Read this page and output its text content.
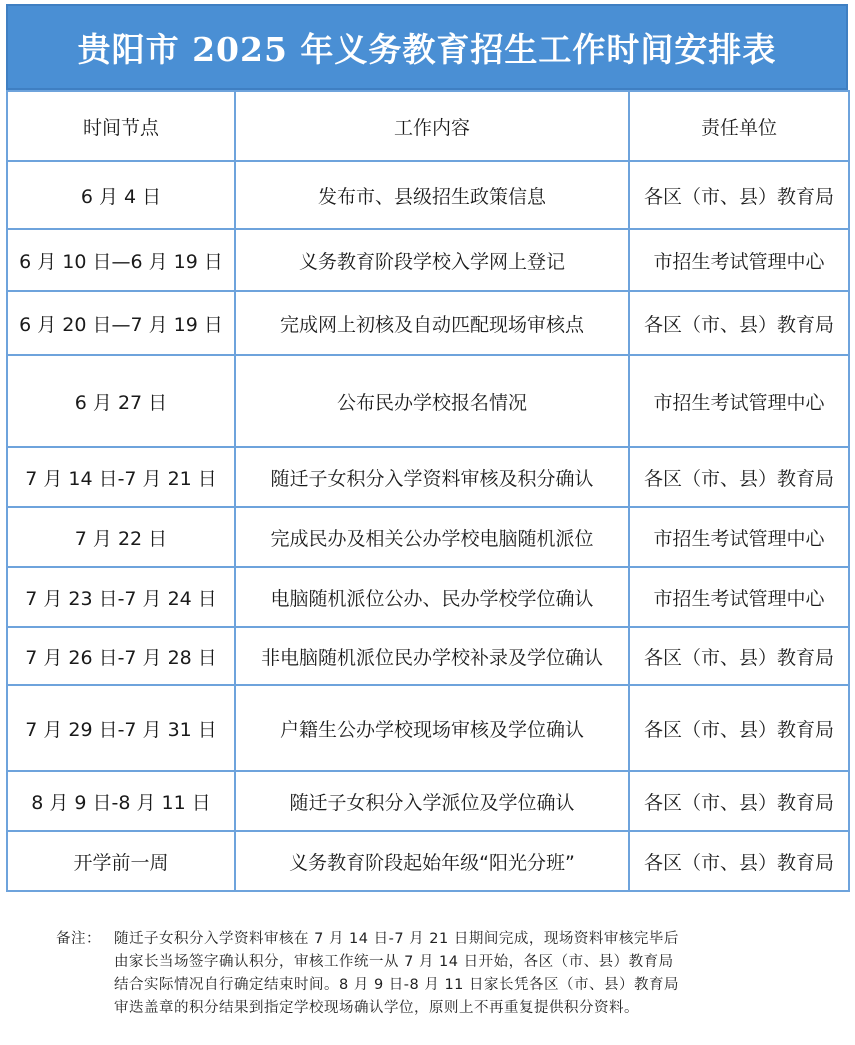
贵阳市 2025 年义务教育招生工作时间安排表
时间节点	工作内容	责任单位
6 月 4 日	发布市、县级招生政策信息	各区（市、县）教育局
6 月 10 日—6 月 19 日	义务教育阶段学校入学网上登记	市招生考试管理中心
6 月 20 日—7 月 19 日	完成网上初核及自动匹配现场审核点	各区（市、县）教育局
6 月 27 日	公布民办学校报名情况	市招生考试管理中心
7 月 14 日-7 月 21 日	随迁子女积分入学资料审核及积分确认	各区（市、县）教育局
7 月 22 日	完成民办及相关公办学校电脑随机派位	市招生考试管理中心
7 月 23 日-7 月 24 日	电脑随机派位公办、民办学校学位确认	市招生考试管理中心
7 月 26 日-7 月 28 日	非电脑随机派位民办学校补录及学位确认	各区（市、县）教育局
7 月 29 日-7 月 31 日	户籍生公办学校现场审核及学位确认	各区（市、县）教育局
8 月 9 日-8 月 11 日	随迁子女积分入学派位及学位确认	各区（市、县）教育局
开学前一周	义务教育阶段起始年级“阳光分班”	各区（市、县）教育局
备注： 随迁子女积分入学资料审核在 7 月 14 日-7 月 21 日期间完成，现场资料审核完毕后
由家长当场签字确认积分，审核工作统一从 7 月 14 日开始，各区（市、县）教育局
结合实际情况自行确定结束时间。8 月 9 日-8 月 11 日家长凭各区（市、县）教育局
审迭盖章的积分结果到指定学校现场确认学位，原则上不再重复提供积分资料。
